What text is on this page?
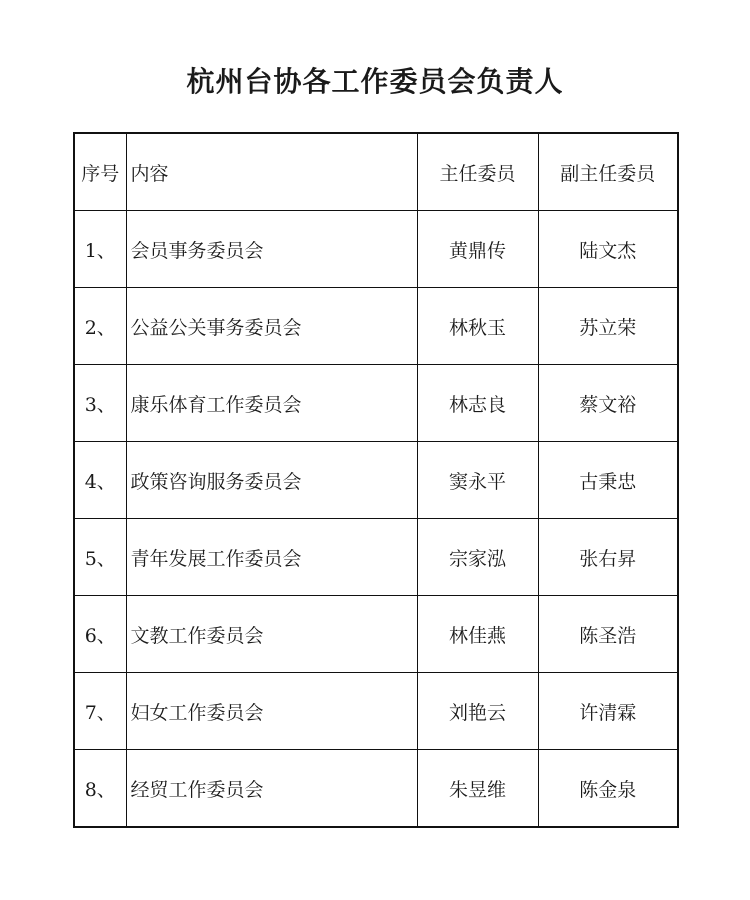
杭州台协各工作委员会负责人
序号	内容	主任委员	副主任委员
1、	会员事务委员会	黄鼎传	陆文杰
2、	公益公关事务委员会	林秋玉	苏立荣
3、	康乐体育工作委员会	林志良	蔡文裕
4、	政策咨询服务委员会	窦永平	古秉忠
5、	青年发展工作委员会	宗家泓	张右昇
6、	文教工作委员会	林佳燕	陈圣浩
7、	妇女工作委员会	刘艳云	许清霖
8、	经贸工作委员会	朱昱维	陈金泉
